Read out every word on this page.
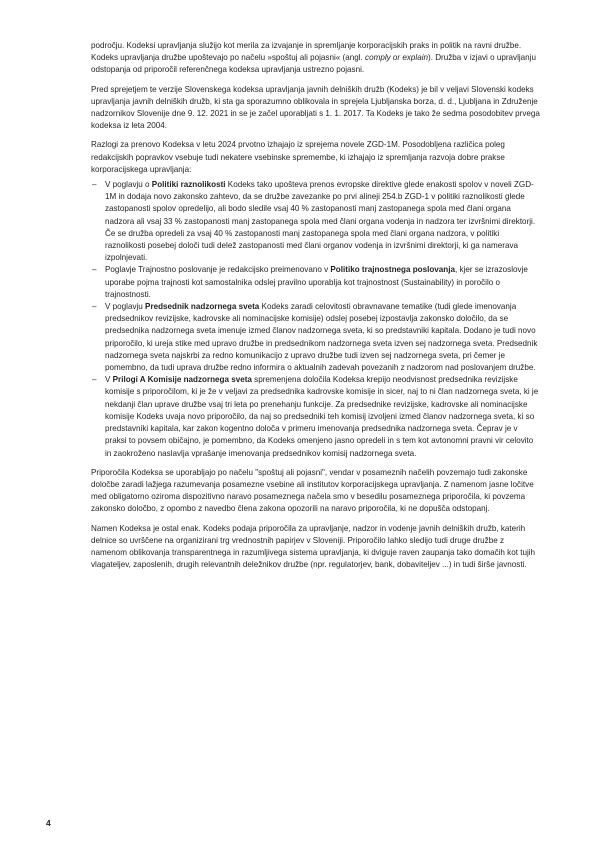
področju. Kodeksi upravljanja služijo kot merila za izvajanje in spremljanje korporacijskih praks in politik na ravni družbe. Kodeks upravljanja družbe upoštevajo po načelu »spoštuj ali pojasni« (angl. comply or explain). Družba v izjavi o upravljanju odstopanja od priporočil referenčnega kodeksa upravljanja ustrezno pojasni.

Pred sprejetjem te verzije Slovenskega kodeksa upravljanja javnih delniških družb (Kodeks) je bil v veljavi Slovenski kodeks upravljanja javnih delniških družb, ki sta ga sporazumno oblikovala in sprejela Ljubljanska borza, d. d., Ljubljana in Združenje nadzornikov Slovenije dne 9. 12. 2021 in se je začel uporabljati s 1. 1. 2017. Ta Kodeks je tako že sedma posodobitev prvega kodeksa iz leta 2004.

Razlogi za prenovo Kodeksa v letu 2024 prvotno izhajajo iz sprejema novele ZGD-1M. Posodobljena različica poleg redakcijskih popravkov vsebuje tudi nekatere vsebinske spremembe, ki izhajajo iz spremljanja razvoja dobre prakse korporacijskega upravljanja:

– V poglavju o Politiki raznolikosti Kodeks tako upošteva prenos evropske direktive glede enakosti spolov v noveli ZGD-1M in dodaja novo zakonsko zahtevo, da se družbe zavezanke po prvi alineji 254.b ZGD-1 v politiki raznolikosti glede zastopanosti spolov opredelijo, ali bodo sledile vsaj 40 % zastopanosti manj zastopanega spola med člani organa nadzora ali vsaj 33 % zastopanosti manj zastopanega spola med člani organa vodenja in nadzora ter izvršnimi direktorji. Če se družba opredeli za vsaj 40 % zastopanosti manj zastopanega spola med člani organa nadzora, v politiki raznolikosti posebej določi tudi delež zastopanosti med člani organov vodenja in izvršnimi direktorji, ki ga namerava izpolnjevati.
– Poglavje Trajnostno poslovanje je redakcijsko preimenovano v Politiko trajnostnega poslovanja, kjer se izrazoslovje uporabe pojma trajnosti kot samostalnika odslej pravilno uporablja kot trajnostnost (Sustainability) in poročilo o trajnostnosti.
– V poglavju Predsednik nadzornega sveta Kodeks zaradi celovitosti obravnavane tematike (tudi glede imenovanja predsednikov revizijske, kadrovske ali nominacijske komisije) odslej posebej izpostavlja zakonsko določilo, da se predsednika nadzornega sveta imenuje izmed članov nadzornega sveta, ki so predstavniki kapitala. Dodano je tudi novo priporočilo, ki ureja stike med upravo družbe in predsednikom nadzornega sveta izven sej nadzornega sveta. Predsednik nadzornega sveta najskrbi za redno komunikacijo z upravo družbe tudi izven sej nadzornega sveta, pri čemer je pomembno, da tudi uprava družbe redno informira o aktualnih zadevah povezanih z nadzorom nad poslovanjem družbe.
– V Prilogi A Komisije nadzornega sveta spremenjena določila Kodeksa krepijo neodvisnost predsednika revizijske komisije s priporočilom, ki je že v veljavi za predsednika kadrovske komisije in sicer, naj to ni član nadzornega sveta, ki je nekdanji član uprave družbe vsaj tri leta po prenehanju funkcije. Za predsednike revizijske, kadrovske ali nominacijske komisije Kodeks uvaja novo priporočilo, da naj so predsedniki teh komisij izvoljeni izmed članov nadzornega sveta, ki so predstavniki kapitala, kar zakon kogentno določa v primeru imenovanja predsednika nadzornega sveta. Čeprav je v praksi to povsem običajno, je pomembno, da Kodeks omenjeno jasno opredeli in s tem kot avtonomni pravni vir celovito in zaokroženo naslavlja vprašanje imenovanja predsednikov komisij nadzornega sveta.

Priporočila Kodeksa se uporabljajo po načelu "spoštuj ali pojasni", vendar v posameznih načelih povzemajo tudi zakonske določbe zaradi lažjega razumevanja posamezne vsebine ali institutov korporacijskega upravljanja. Z namenom jasne ločitve med obligatorno oziroma dispozitivno naravo posameznega načela smo v besedilu posameznega priporočila, ki povzema zakonsko določbo, z opombo z navedbo člena zakona opozorili na naravo priporočila, ki ne dopušča odstopanj.

Namen Kodeksa je ostal enak. Kodeks podaja priporočila za upravljanje, nadzor in vodenje javnih delniških družb, katerih delnice so uvrščene na organizirani trg vrednostnih papirjev v Sloveniji. Priporočilo lahko sledijo tudi druge družbe z namenom oblikovanja transparentnega in razumljivega sistema upravljanja, ki dviguje raven zaupanja tako domačih kot tujih vlagateljev, zaposlenih, drugih relevantnih deležnikov družbe (npr. regulatorjev, bank, dobaviteljev ...) in tudi širše javnosti.

4
